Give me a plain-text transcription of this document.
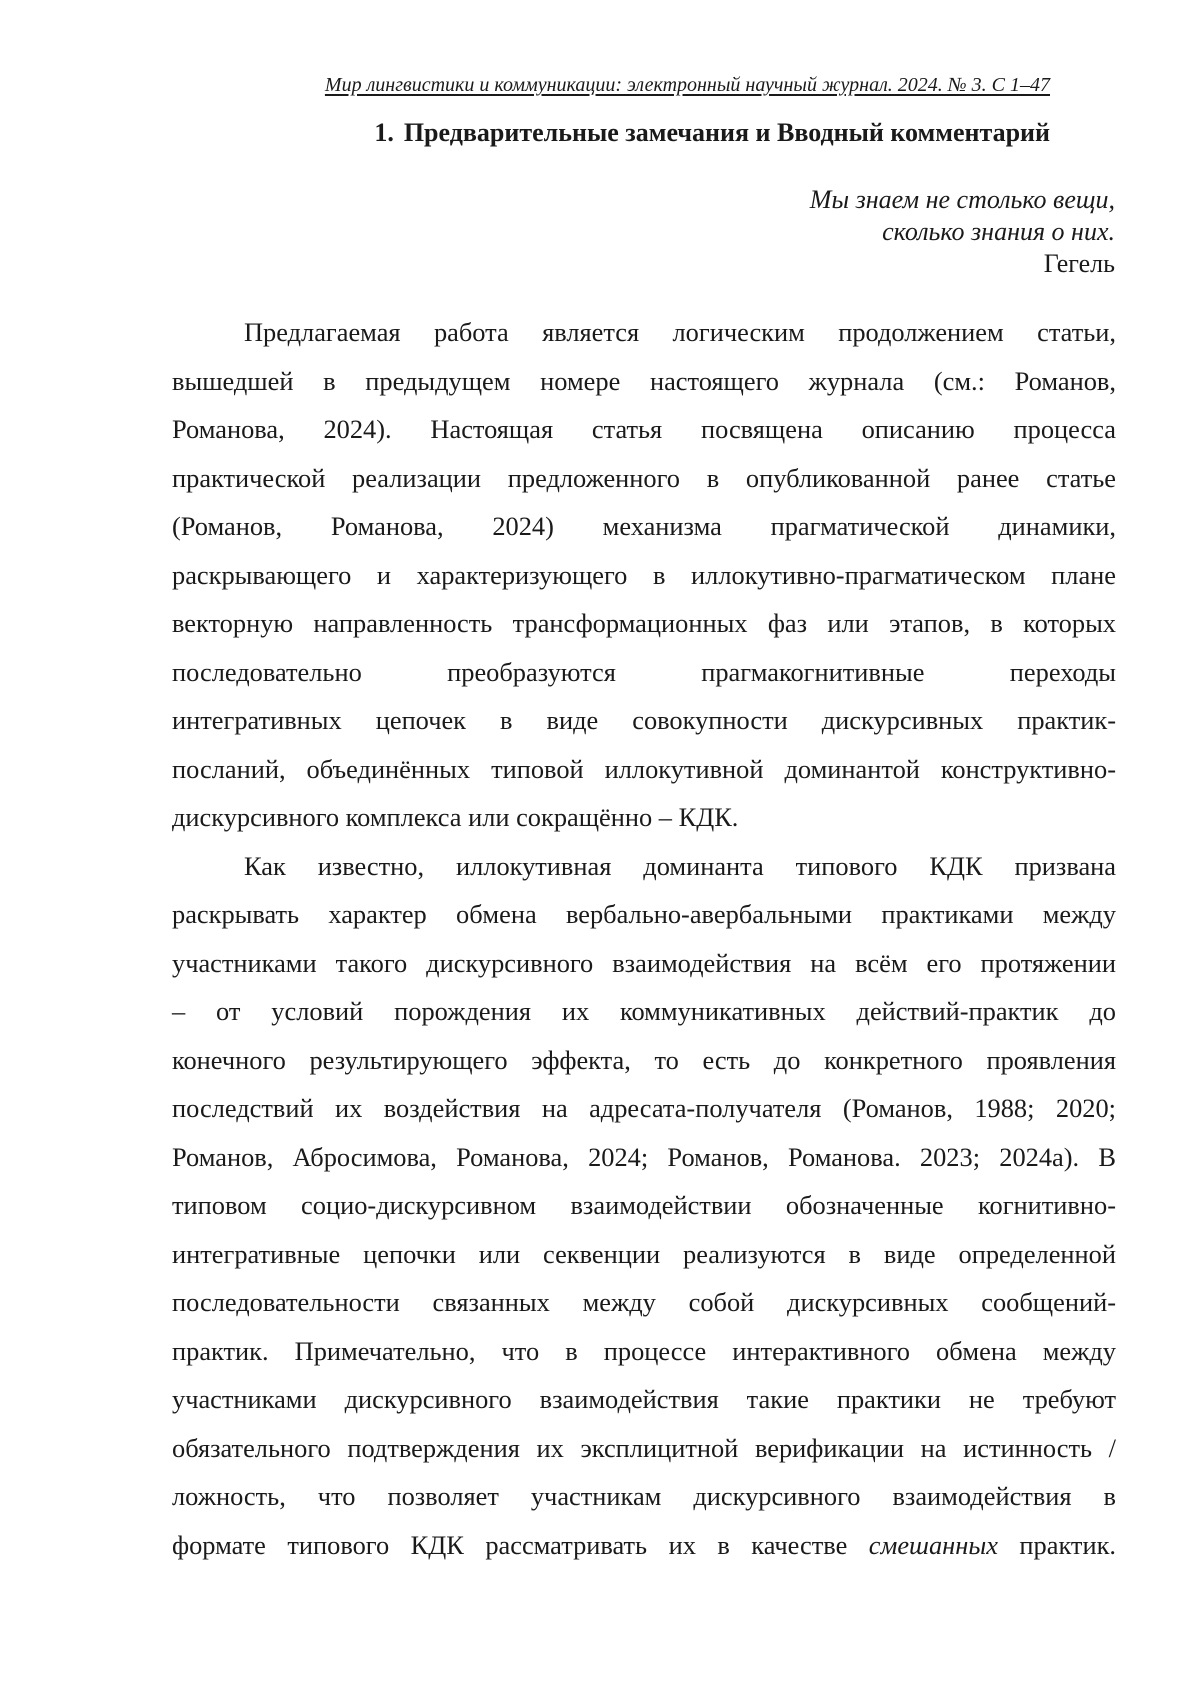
Мир лингвистики и коммуникации: электронный научный журнал. 2024. № 3. С 1–47
1. Предварительные замечания и Вводный комментарий
Мы знаем не столько вещи,
сколько знания о них.
Гегель
Предлагаемая работа является логическим продолжением статьи,
вышедшей в предыдущем номере настоящего журнала (см.: Романов,
Романова, 2024). Настоящая статья посвящена описанию процесса
практической реализации предложенного в опубликованной ранее статье
(Романов, Романова, 2024) механизма прагматической динамики,
раскрывающего и характеризующего в иллокутивно-прагматическом плане
векторную направленность трансформационных фаз или этапов, в которых
последовательно преобразуются прагмакогнитивные переходы
интегративных цепочек в виде совокупности дискурсивных практик-
посланий, объединённых типовой иллокутивной доминантой конструктивно-
дискурсивного комплекса или сокращённо – КДК.
Как известно, иллокутивная доминанта типового КДК призвана
раскрывать характер обмена вербально-авербальными практиками между
участниками такого дискурсивного взаимодействия на всём его протяжении
– от условий порождения их коммуникативных действий-практик до
конечного результирующего эффекта, то есть до конкретного проявления
последствий их воздействия на адресата-получателя (Романов, 1988; 2020;
Романов, Абросимова, Романова, 2024; Романов, Романова. 2023; 2024а). В
типовом социо-дискурсивном взаимодействии обозначенные когнитивно-
интегративные цепочки или секвенции реализуются в виде определенной
последовательности связанных между собой дискурсивных сообщений-
практик. Примечательно, что в процессе интерактивного обмена между
участниками дискурсивного взаимодействия такие практики не требуют
обязательного подтверждения их эксплицитной верификации на истинность /
ложность, что позволяет участникам дискурсивного взаимодействия в
формате типового КДК рассматривать их в качестве смешанных практик.
